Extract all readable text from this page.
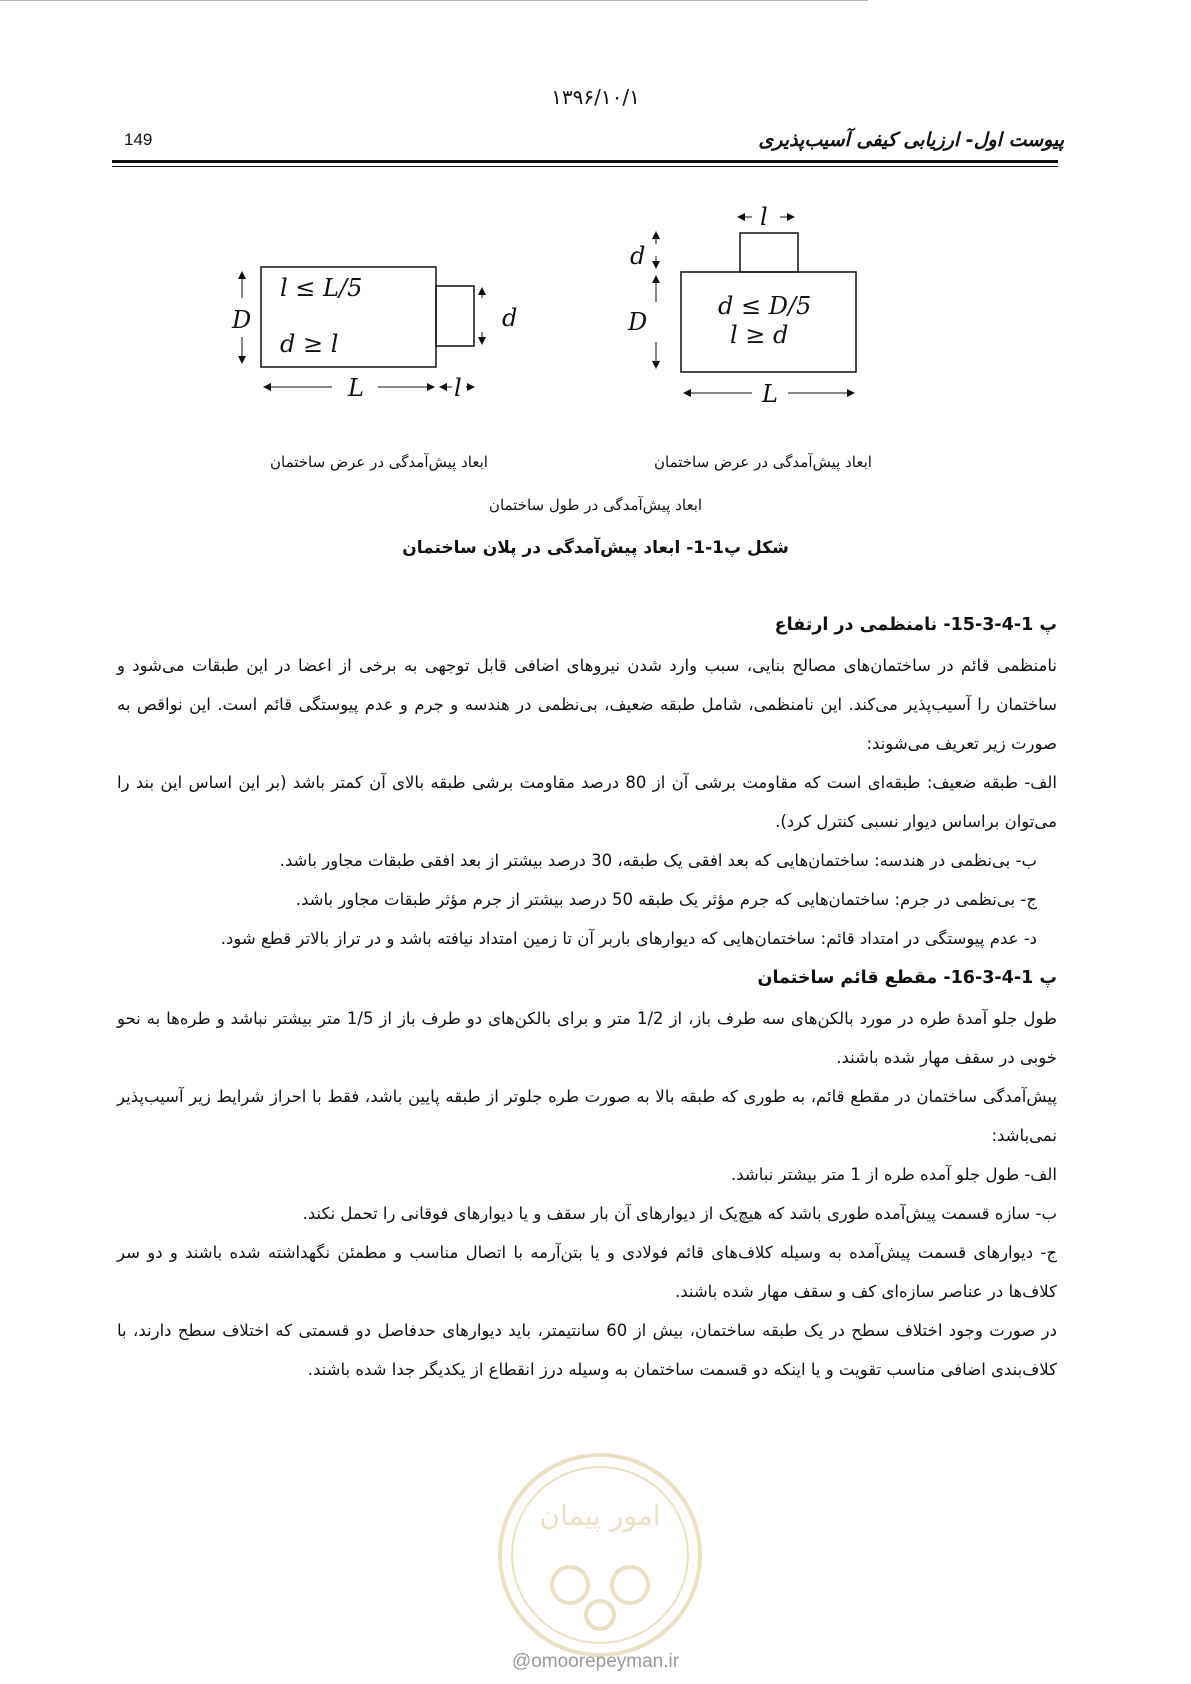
۱۳۹۶/۱۰/۱
149	پیوست اول- ارزیابی کیفی آسیب‌پذیری
D
l ≤ L/5
d ≥ l
d
L	l
l
d
D
d ≤ D/5
l ≥ d
L
ابعاد پیش‌آمدگی در عرض ساختمان	ابعاد پیش‌آمدگی در عرض ساختمان
ابعاد پیش‌آمدگی در طول ساختمان
شکل پ1-1- ابعاد پیش‌آمدگی در پلان ساختمان
پ 1-4-3-15- نامنظمی در ارتفاع

نامنظمی قائم در ساختمان‌های مصالح بنایی، سبب وارد شدن نیروهای اضافی قابل توجهی به برخی از اعضا در این طبقات می‌شود و ساختمان را آسیب‌پذیر می‌کند. این نامنظمی، شامل طبقه ضعیف، بی‌نظمی در هندسه و جرم و عدم پیوستگی قائم است. این نواقص به صورت زیر تعریف می‌شوند:

الف- طبقه ضعیف: طبقه‌ای است که مقاومت برشی آن از 80 درصد مقاومت برشی طبقه بالای آن کمتر باشد (بر این اساس این بند را می‌توان براساس دیوار نسبی کنترل کرد).

ب- بی‌نظمی در هندسه: ساختمان‌هایی که بعد افقی یک طبقه، 30 درصد بیشتر از بعد افقی طبقات مجاور باشد.

ج- بی‌نظمی در جرم: ساختمان‌هایی که جرم مؤثر یک طبقه 50 درصد بیشتر از جرم مؤثر طبقات مجاور باشد.

د- عدم پیوستگی در امتداد قائم: ساختمان‌هایی که دیوارهای باربر آن تا زمین امتداد نیافته باشد و در تراز بالاتر قطع شود.

پ 1-4-3-16- مقطع قائم ساختمان

طول جلو آمدۀ طره در مورد بالکن‌های سه طرف باز، از 1/2 متر و برای بالکن‌های دو طرف باز از 1/5 متر بیشتر نباشد و طره‌ها به نحو خوبی در سقف مهار شده باشند.

پیش‌آمدگی ساختمان در مقطع قائم، به طوری که طبقه بالا به صورت طره جلوتر از طبقه پایین باشد، فقط با احراز شرایط زیر آسیب‌پذیر نمی‌باشد:

الف- طول جلو آمده طره از 1 متر بیشتر نباشد.

ب- سازه قسمت پیش‌آمده طوری باشد که هیچ‌یک از دیوارهای آن بار سقف و یا دیوارهای فوقانی را تحمل نکند.

ج- دیوارهای قسمت پیش‌آمده به وسیله کلاف‌های قائم فولادی و یا بتن‌آرمه با اتصال مناسب و مطمئن نگهداشته شده باشند و دو سر کلاف‌ها در عناصر سازه‌ای کف و سقف مهار شده باشند.

در صورت وجود اختلاف سطح در یک طبقه ساختمان، بیش از 60 سانتیمتر، باید دیوارهای حدفاصل دو قسمتی که اختلاف سطح دارند، با کلاف‌بندی اضافی مناسب تقویت و یا اینکه دو قسمت ساختمان به وسیله درز انقطاع از یکدیگر جدا شده باشند.

امور پیمان
@omoorepeyman.ir
